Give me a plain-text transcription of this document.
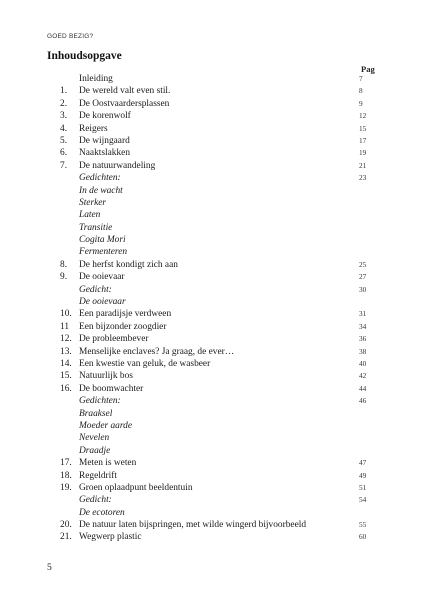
GOED BEZIG?
Inhoudsopgave
Pag
Inleiding	7
1.	De wereld valt even stil.	8
2.	De Oostvaardersplassen	9
3.	De korenwolf	12
4.	Reigers	15
5.	De wijngaard	17
6.	Naaktslakken	19
7.	De natuurwandeling	21
Gedichten:	23
In de wacht
Sterker
Laten
Transitie
Cogita Mori
Fermenteren
8.	De herfst kondigt zich aan	25
9.	De ooievaar	27
Gedicht:	30
De ooievaar
10. Een paradijsje verdween	31
11	Een bijzonder zoogdier	34
12. De probleembever	36
13. Menselijke enclaves? Ja graag, de ever…	38
14. Een kwestie van geluk, de wasbeer	40
15. Natuurlijk bos	42
16. De boomwachter	44
Gedichten:	46
Braaksel
Moeder aarde
Nevelen
Draadje
17. Meten is weten	47
18. Regeldrift	49
19. Groen oplaadpunt beeldentuin	51
Gedicht:	54
De ecotoren
20. De natuur laten bijspringen, met wilde wingerd bijvoorbeeld	55
21. Wegwerp plastic	60
5
